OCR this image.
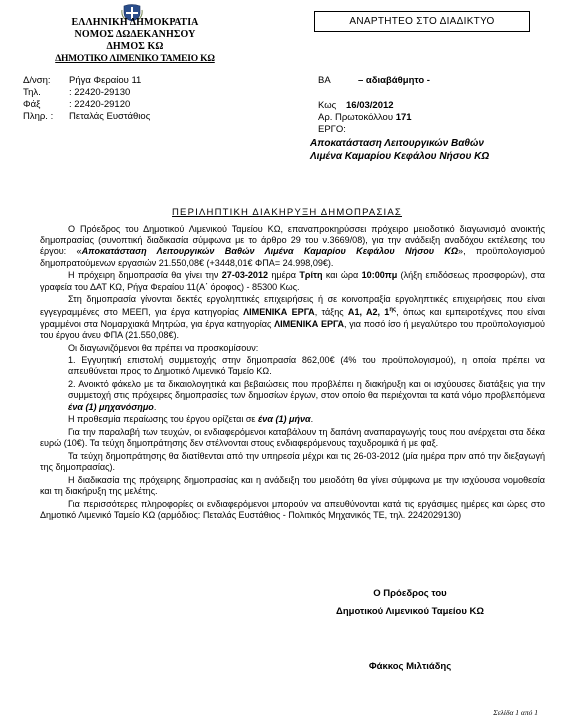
ΕΛΛΗΝΙΚΗ ΔΗΜΟΚΡΑΤΙΑ
ΝΟΜΟΣ ΔΩΔΕΚΑΝΗΣΟΥ
ΔΗΜΟΣ ΚΩ
ΔΗΜΟΤΙΚΟ ΛΙΜΕΝΙΚΟ ΤΑΜΕΙΟ ΚΩ
Δ/νση: Ρήγα Φεραίου 11
Τηλ.	: 22420-29130
Φάξ	: 22420-29120
Πληρ. : Πεταλάς Ευστάθιος
ΑΝΑΡΤΗΤΕΟ ΣΤΟ ΔΙΑΔΙΚΤΥΟ
ΒΑ	– αδιαβάθμητο -
Κως 16/03/2012
Αρ. Πρωτοκόλλου 171
ΕΡΓΟ:
Αποκατάσταση Λειτουργικών Βαθών
Λιμένα Καμαρίου Κεφάλου Νήσου ΚΩ
ΠΕΡΙΛΗΠΤΙΚΗ ΔΙΑΚΗΡΥΞΗ ΔΗΜΟΠΡΑΣΙΑΣ

Ο Πρόεδρος του Δημοτικού Λιμενικού Ταμείου ΚΩ, επαναπροκηρύσσει πρόχειρο μειοδοτικό διαγωνισμό ανοικτής δημοπρασίας (συνοπτική διαδικασία σύμφωνα με το άρθρο 29 του ν.3669/08), για την ανάδειξη αναδόχου εκτέλεσης του έργου: «Αποκατάσταση Λειτουργικών Βαθών Λιμένα Καμαρίου Κεφάλου Νήσου ΚΩ», προϋπολογισμού δημοπρατούμενων εργασιών 21.550,08€ (+3448,01€ ΦΠΑ= 24.998,09€).

Η πρόχειρη δημοπρασία θα γίνει την 27-03-2012 ημέρα Τρίτη και ώρα 10:00πμ (λήξη επιδόσεως προσφορών), στα γραφεία του ΔΑΤ ΚΩ, Ρήγα Φεραίου 11(Α΄ όροφος) - 85300 Κως.

Στη δημοπρασία γίνονται δεκτές εργοληπτικές επιχειρήσεις ή σε κοινοπραξία εργοληπτικές επιχειρήσεις που είναι εγγεγραμμένες στο ΜΕΕΠ, για έργα κατηγορίας ΛΙΜΕΝΙΚΑ ΕΡΓΑ, τάξης Α1, Α2, $1^{\eta\varsigma}$, όπως και εμπειροτέχνες που είναι γραμμένοι στα Νομαρχιακά Μητρώα, για έργα κατηγορίας ΛΙΜΕΝΙΚΑ ΕΡΓΑ, για ποσό ίσο ή μεγαλύτερο του προϋπολογισμού του έργου άνευ ΦΠΑ (21.550,08€).

Οι διαγωνιζόμενοι θα πρέπει να προσκομίσουν:

1. Εγγυητική επιστολή συμμετοχής στην δημοπρασία 862,00€ (4% του προϋπολογισμού), η οποία πρέπει να απευθύνεται προς το Δημοτικό Λιμενικό Ταμείο ΚΩ.

2. Ανοικτό φάκελο με τα δικαιολογητικά και βεβαιώσεις που προβλέπει η διακήρυξη και οι ισχύουσες διατάξεις για την συμμετοχή στις πρόχειρες δημοπρασίες των δημοσίων έργων, στον οποίο θα περιέχονται τα κατά νόμο προβλεπόμενα ένα (1) μηχανόσημο.

Η προθεσμία περαίωσης του έργου ορίζεται σε ένα (1) μήνα.

Για την παραλαβή των τευχών, οι ενδιαφερόμενοι καταβάλουν τη δαπάνη αναπαραγωγής τους που ανέρχεται στα δέκα ευρώ (10€). Τα τεύχη δημοπράτησης δεν στέλνονται στους ενδιαφερόμενους ταχυδρομικά ή με φαξ.

Τα τεύχη δημοπράτησης θα διατίθενται από την υπηρεσία μέχρι και τις 26-03-2012 (μία ημέρα πριν από την διεξαγωγή της δημοπρασίας).

Η διαδικασία της πρόχειρης δημοπρασίας και η ανάδειξη του μειοδότη θα γίνει σύμφωνα με την ισχύουσα νομοθεσία και τη διακήρυξη της μελέτης.

Για περισσότερες πληροφορίες οι ενδιαφερόμενοι μπορούν να απευθύνονται κατά τις εργάσιμες ημέρες και ώρες στο Δημοτικό Λιμενικό Ταμείο ΚΩ (αρμόδιος: Πεταλάς Ευστάθιος - Πολιτικός Μηχανικός ΤΕ, τηλ. 2242029130)

Ο Πρόεδρος του
Δημοτικού Λιμενικού Ταμείου ΚΩ
Φάκκος Μιλτιάδης
Σελίδα 1 από 1
